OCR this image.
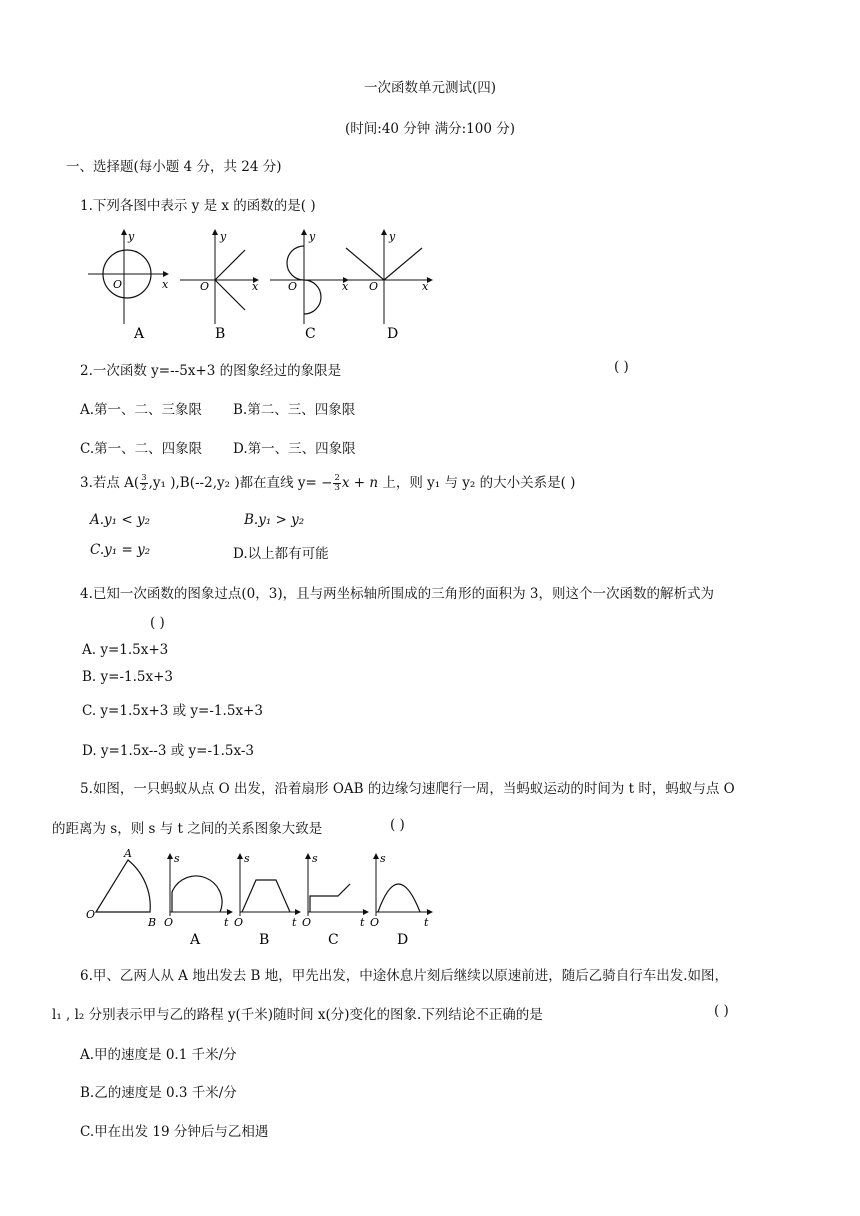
一次函数单元测试(四)
(时间:40 分钟 满分:100 分)
一、选择题(每小题 4 分，共 24 分)
1.下列各图中表示 y 是 x 的函数的是( )
y
x
O
A
y
x
O
B
y
x
O
C
y
x
O
D
2.一次函数 y=--5x+3 的图象经过的象限是	( )
A.第一、二、三象限 B.第二、三、四象限
C.第一、二、四象限 D.第一、三、四象限
3.若点 $A( \frac{3}{2} ,y_1$ ),B(--2,y₂ )都在直线 $y= - \frac{2}{3}$ x + n 上，则 y₁ 与 y₂ 的大小关系是( )
A.y₁ < y₂	B.y₁ > y₂
C.y₁ = y₂	D.以上都有可能
4.已知一次函数的图象过点(0，3)，且与两坐标轴所围成的三角形的面积为 3，则这个一次函数的解析式为
( )
A. y=1.5x+3
B. y=-1.5x+3
C. y=1.5x+3 或 y=-1.5x+3
D. y=1.5x--3 或 y=-1.5x-3
5.如图，一只蚂蚁从点 O 出发，沿着扇形 OAB 的边缘匀速爬行一周，当蚂蚁运动的时间为 t 时，蚂蚁与点 O
的距离为 s，则 s 与 t 之间的关系图象大致是	( )
A
O
B
s
t
O
A
s
t
O
B
s
t
O
C
s
t
O
D
6.甲、乙两人从 A 地出发去 B 地，甲先出发，中途休息片刻后继续以原速前进，随后乙骑自行车出发.如图，
l₁ , l₂ 分别表示甲与乙的路程 y(千米)随时间 x(分)变化的图象.下列结论不正确的是	( )
A.甲的速度是 0.1 千米/分
B.乙的速度是 0.3 千米/分
C.甲在出发 19 分钟后与乙相遇
